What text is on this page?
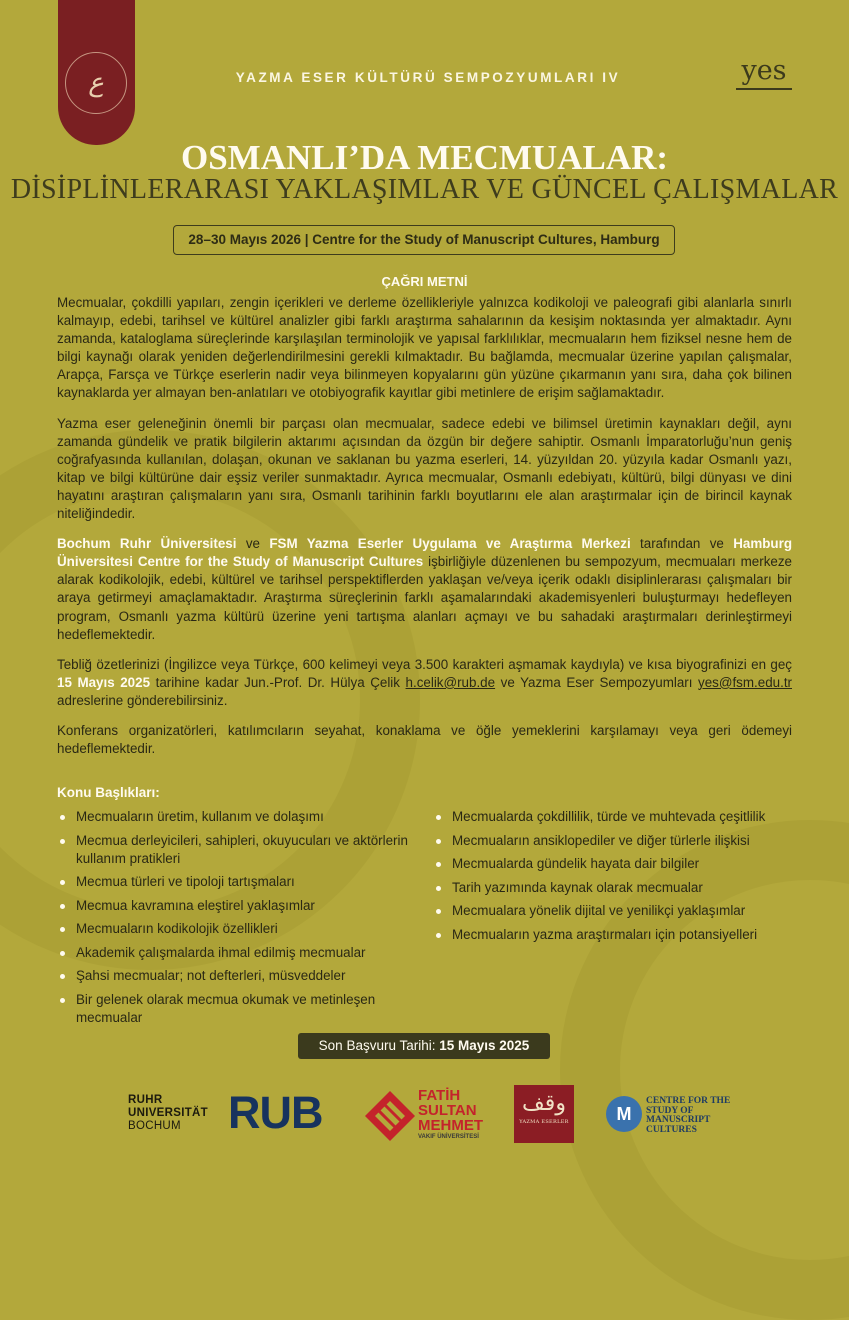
ع	YAZMA ESER KÜLTÜRÜ SEMPOZYUMLARI IV	yes
OSMANLI’DA MECMUALAR:
DİSİPLİNLERARASI YAKLAŞIMLAR VE GÜNCEL ÇALIŞMALAR
28–30 Mayıs 2026 | Centre for the Study of Manuscript Cultures, Hamburg
ÇAĞRI METNİ

Mecmualar, çokdilli yapıları, zengin içerikleri ve derleme özellikleriyle yalnızca kodikoloji ve paleografi gibi alanlarla sınırlı kalmayıp, edebi, tarihsel ve kültürel analizler gibi farklı araştırma sahalarının da kesişim noktasında yer almaktadır. Aynı zamanda, kataloglama süreçlerinde karşılaşılan terminolojik ve yapısal farklılıklar, mecmuaların hem fiziksel nesne hem de bilgi kaynağı olarak yeniden değerlendirilmesini gerekli kılmaktadır. Bu bağlamda, mecmualar üzerine yapılan çalışmalar, Arapça, Farsça ve Türkçe eserlerin nadir veya bilinmeyen kopyalarını gün yüzüne çıkarmanın yanı sıra, daha çok bilinen kaynaklarda yer almayan ben-anlatıları ve otobiyografik kayıtlar gibi metinlere de erişim sağlamaktadır.

Yazma eser geleneğinin önemli bir parçası olan mecmualar, sadece edebi ve bilimsel üretimin kaynakları değil, aynı zamanda gündelik ve pratik bilgilerin aktarımı açısından da özgün bir değere sahiptir. Osmanlı İmparatorluğu’nun geniş coğrafyasında kullanılan, dolaşan, okunan ve saklanan bu yazma eserleri, 14. yüzyıldan 20. yüzyıla kadar Osmanlı yazı, kitap ve bilgi kültürüne dair eşsiz veriler sunmaktadır. Ayrıca mecmualar, Osmanlı edebiyatı, kültürü, bilgi dünyası ve dini hayatını araştıran çalışmaların yanı sıra, Osmanlı tarihinin farklı boyutlarını ele alan araştırmalar için de birincil kaynak niteliğindedir.

Bochum Ruhr Üniversitesi ve FSM Yazma Eserler Uygulama ve Araştırma Merkezi tarafından ve Hamburg Üniversitesi Centre for the Study of Manuscript Cultures işbirliğiyle düzenlenen bu sempozyum, mecmuaları merkeze alarak kodikolojik, edebi, kültürel ve tarihsel perspektiflerden yaklaşan ve/veya içerik odaklı disiplinlerarası çalışmaları bir araya getirmeyi amaçlamaktadır. Araştırma süreçlerinin farklı aşamalarındaki akademisyenleri buluşturmayı hedefleyen program, Osmanlı yazma kültürü üzerine yeni tartışma alanları açmayı ve bu sahadaki araştırmaları derinleştirmeyi hedeflemektedir.

Tebliğ özetlerinizi (İngilizce veya Türkçe, 600 kelimeyi veya 3.500 karakteri aşmamak kaydıyla) ve kısa biyografinizi en geç 15 Mayıs 2025 tarihine kadar Jun.-Prof. Dr. Hülya Çelik h.celik@rub.de ve Yazma Eser Sempozyumları yes@fsm.edu.tr adreslerine gönderebilirsiniz.

Konferans organizatörleri, katılımcıların seyahat, konaklama ve öğle yemeklerini karşılamayı veya geri ödemeyi hedeflemektedir.

Konu Başlıkları:
Mecmuaların üretim, kullanım ve dolaşımı
Mecmua derleyicileri, sahipleri, okuyucuları ve aktörlerin kullanım pratikleri
Mecmua türleri ve tipoloji tartışmaları
Mecmua kavramına eleştirel yaklaşımlar
Mecmuaların kodikolojik özellikleri
Akademik çalışmalarda ihmal edilmiş mecmualar
Şahsi mecmualar; not defterleri, müsveddeler
Bir gelenek olarak mecmua okumak ve metinleşen mecmualar
Mecmualarda çokdillilik, türde ve muhtevada çeşitlilik
Mecmuaların ansiklopediler ve diğer türlerle ilişkisi
Mecmualarda gündelik hayata dair bilgiler
Tarih yazımında kaynak olarak mecmualar
Mecmualara yönelik dijital ve yenilikçi yaklaşımlar
Mecmuaların yazma araştırmaları için potansiyelleri
Son Başvuru Tarihi: 15 Mayıs 2025
RUHR
UNIVERSITÄT
BOCHUM	RUB	FATİH
SULTAN
MEHMET
VAKIF ÜNİVERSİTESİ
وقف
YAZMA ESERLER	M
CENTRE FOR THE
STUDY OF
MANUSCRIPT
CULTURES
